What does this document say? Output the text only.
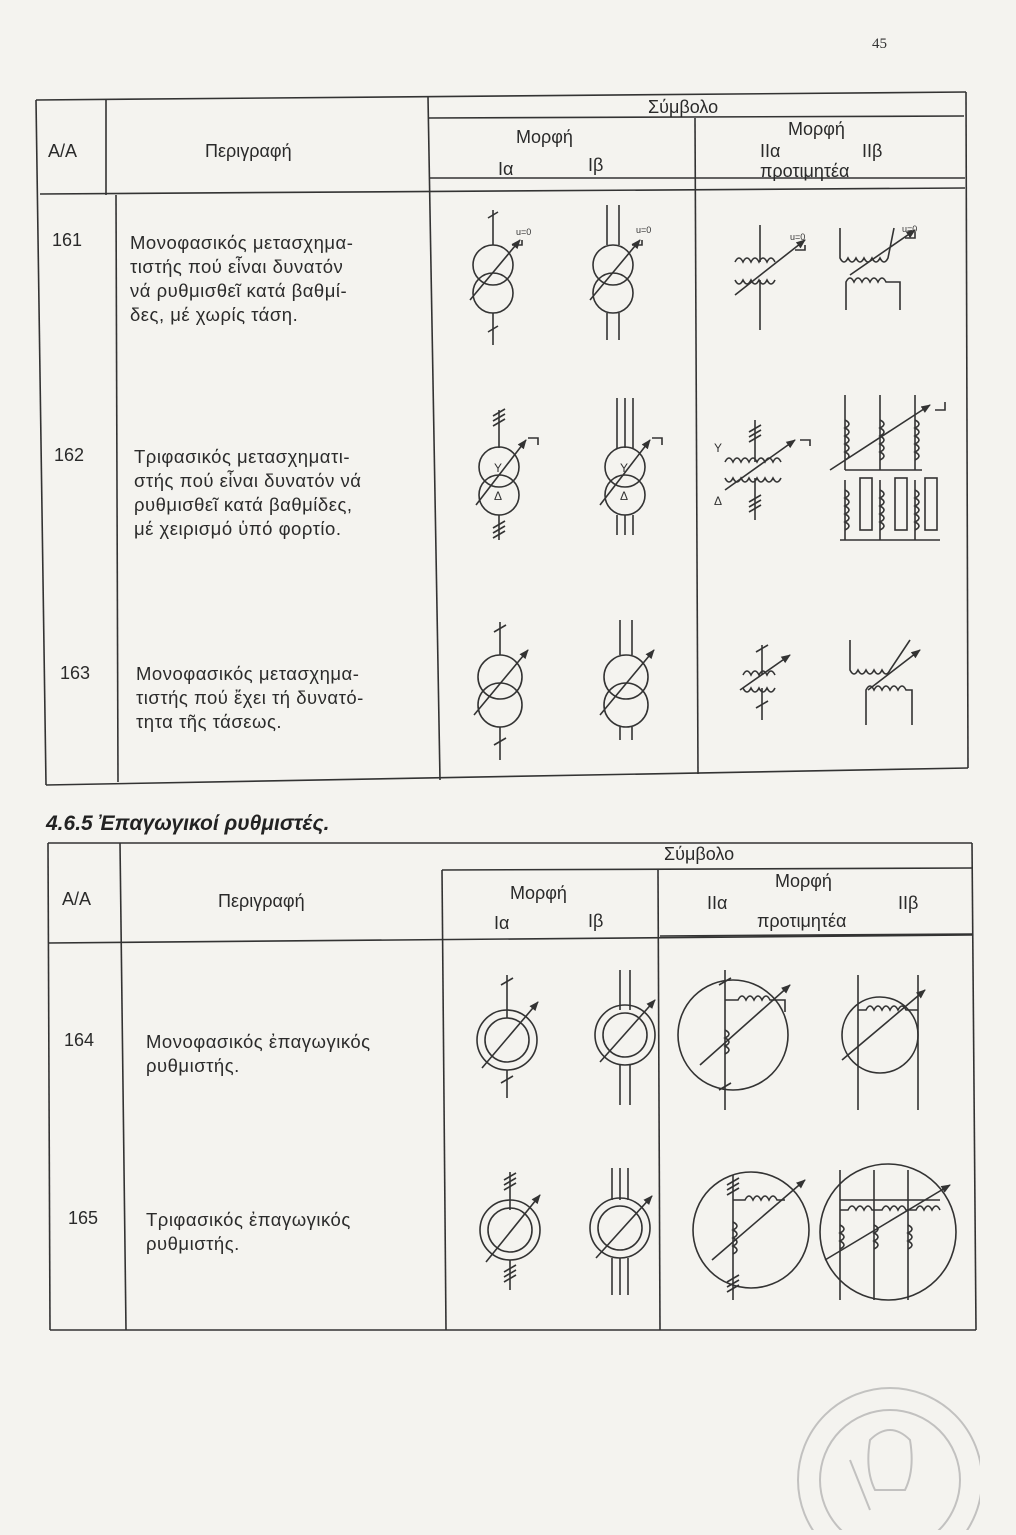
45
u=0	u=0
u=0
u=0
Y
Δ
Y
Δ
Y
Δ
Α/Α	Περιγραφή
Σύμβολο
Μορφή
Ια	Ιβ
Μορφή
ΙΙα	ΙΙβ
προτιμητέα
161	Μονοφασικός μετασχημα-
τιστής πού εἶναι δυνατόν
νά ρυθμισθεῖ κατά βαθμί-
δες, μέ χωρίς τάση.
162	Τριφασικός μετασχηματι-
στής πού εἶναι δυνατόν νά
ρυθμισθεῖ κατά βαθμίδες,
μέ χειρισμό ὑπό φορτίο.
163 Μονοφασικός μετασχημα-
τιστής πού ἔχει τή δυνατό-
τητα τῆς τάσεως.
4.6.5 Ἐπαγωγικοί ρυθμιστές.
Α/Α	Περιγραφή
Σύμβολο
Μορφή
Ια	Ιβ
Μορφή
ΙΙα	ΙΙβ
προτιμητέα
164	Μονοφασικός ἐπαγωγικός
ρυθμιστής.
165	Τριφασικός ἐπαγωγικός
ρυθμιστής.
